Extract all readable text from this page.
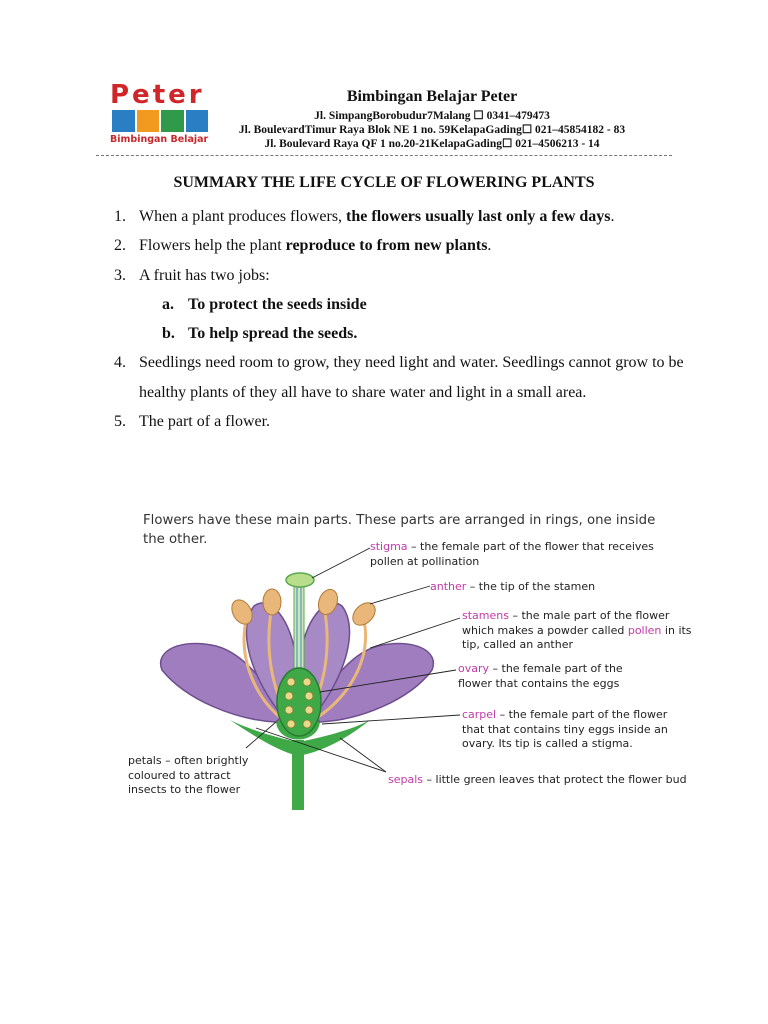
Peter
Bimbingan Belajar
Bimbingan Belajar Peter
Jl. SimpangBorobudur7Malang ☐ 0341–479473
Jl. BoulevardTimur Raya Blok NE 1 no. 59KelapaGading☐ 021–45854182 - 83
Jl. Boulevard Raya QF 1 no.20-21KelapaGading☐ 021–4506213 - 14
SUMMARY THE LIFE CYCLE OF FLOWERING PLANTS
1. When a plant produces flowers, the flowers usually last only a few days.
2. Flowers help the plant reproduce to from new plants.
3. A fruit has two jobs:
a. To protect the seeds inside
b. To help spread the seeds.
4. Seedlings need room to grow, they need light and water. Seedlings cannot grow to be healthy plants of they all have to share water and light in a small area.
5. The part of a flower.
Flowers have these main parts. These parts are arranged in rings, one inside the other.	stigma – the female part of the flower that receives pollen at pollination
anther – the tip of the stamen
stamens – the male part of the flower which makes a powder called pollen in its tip, called an anther
ovary – the female part of the flower that contains the eggs
carpel – the female part of the flower that that contains tiny eggs inside an ovary. Its tip is called a stigma.
petals – often brightly coloured to attract insects to the flower
sepals – little green leaves that protect the flower bud
